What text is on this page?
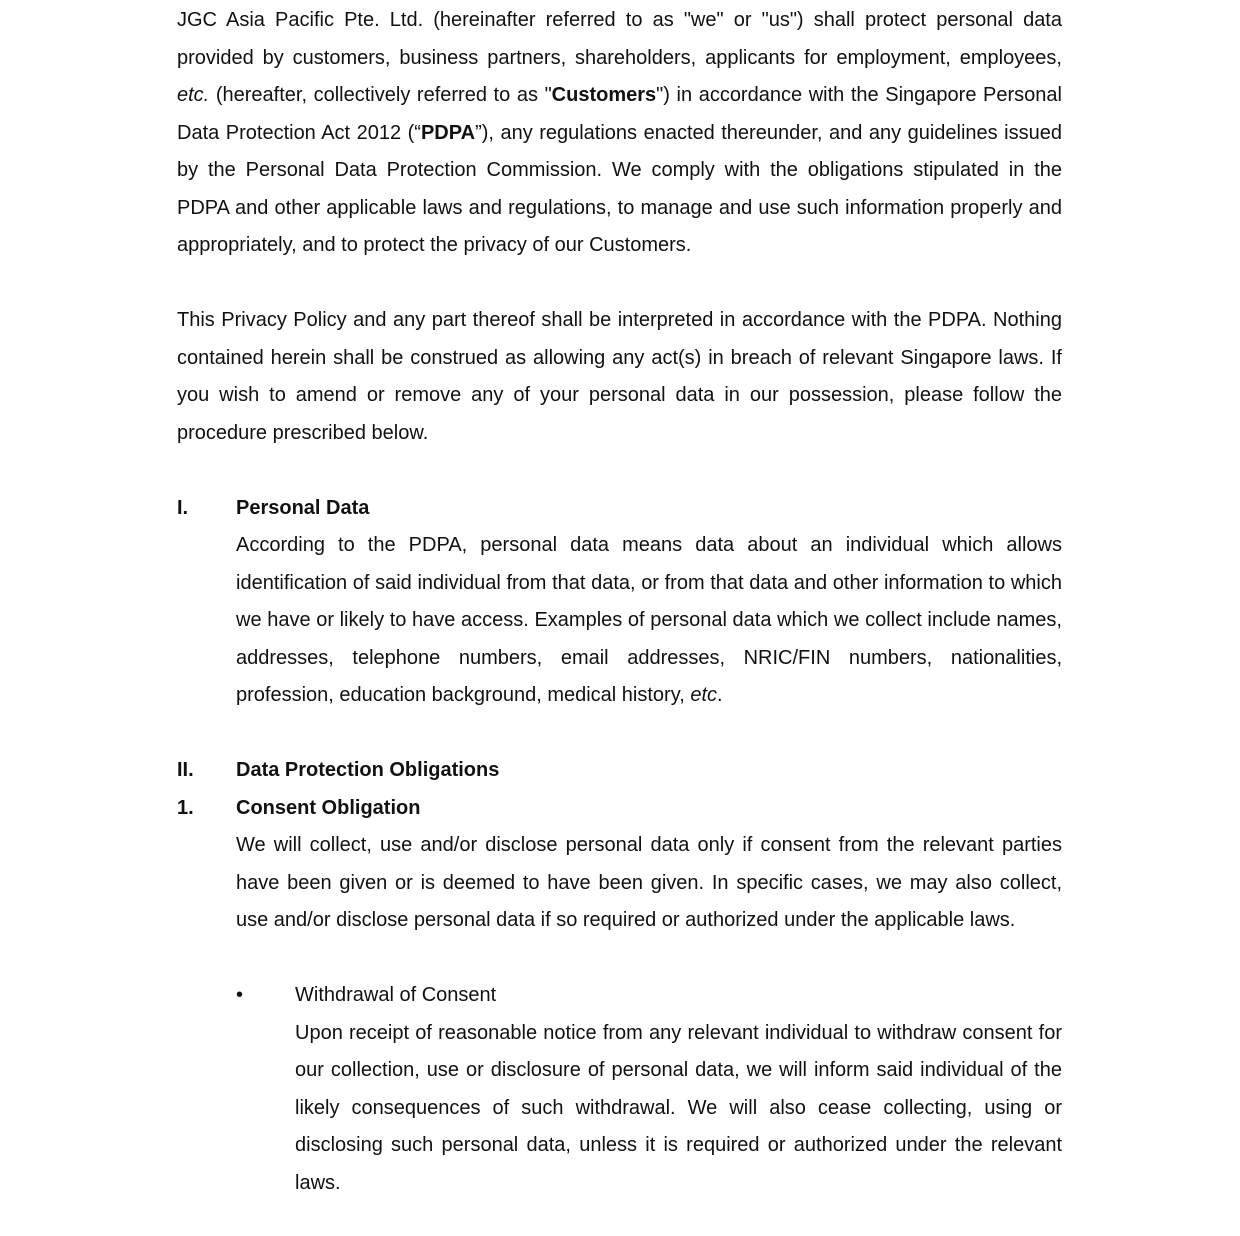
JGC Asia Pacific Pte. Ltd. (hereinafter referred to as "we" or "us") shall protect personal data provided by customers, business partners, shareholders, applicants for employment, employees, etc. (hereafter, collectively referred to as "Customers") in accordance with the Singapore Personal Data Protection Act 2012 (“PDPA”), any regulations enacted thereunder, and any guidelines issued by the Personal Data Protection Commission. We comply with the obligations stipulated in the PDPA and other applicable laws and regulations, to manage and use such information properly and appropriately, and to protect the privacy of our Customers.

This Privacy Policy and any part thereof shall be interpreted in accordance with the PDPA. Nothing contained herein shall be construed as allowing any act(s) in breach of relevant Singapore laws. If you wish to amend or remove any of your personal data in our possession, please follow the procedure prescribed below.

I.	Personal Data

According to the PDPA, personal data means data about an individual which allows identification of said individual from that data, or from that data and other information to which we have or likely to have access. Examples of personal data which we collect include names, addresses, telephone numbers, email addresses, NRIC/FIN numbers, nationalities, profession, education background, medical history, etc.

II.	Data Protection Obligations
1.	Consent Obligation

We will collect, use and/or disclose personal data only if consent from the relevant parties have been given or is deemed to have been given. In specific cases, we may also collect, use and/or disclose personal data if so required or authorized under the applicable laws.

•	Withdrawal of Consent

Upon receipt of reasonable notice from any relevant individual to withdraw consent for our collection, use or disclosure of personal data, we will inform said individual of the likely consequences of such withdrawal. We will also cease collecting, using or disclosing such personal data, unless it is required or authorized under the relevant laws.
